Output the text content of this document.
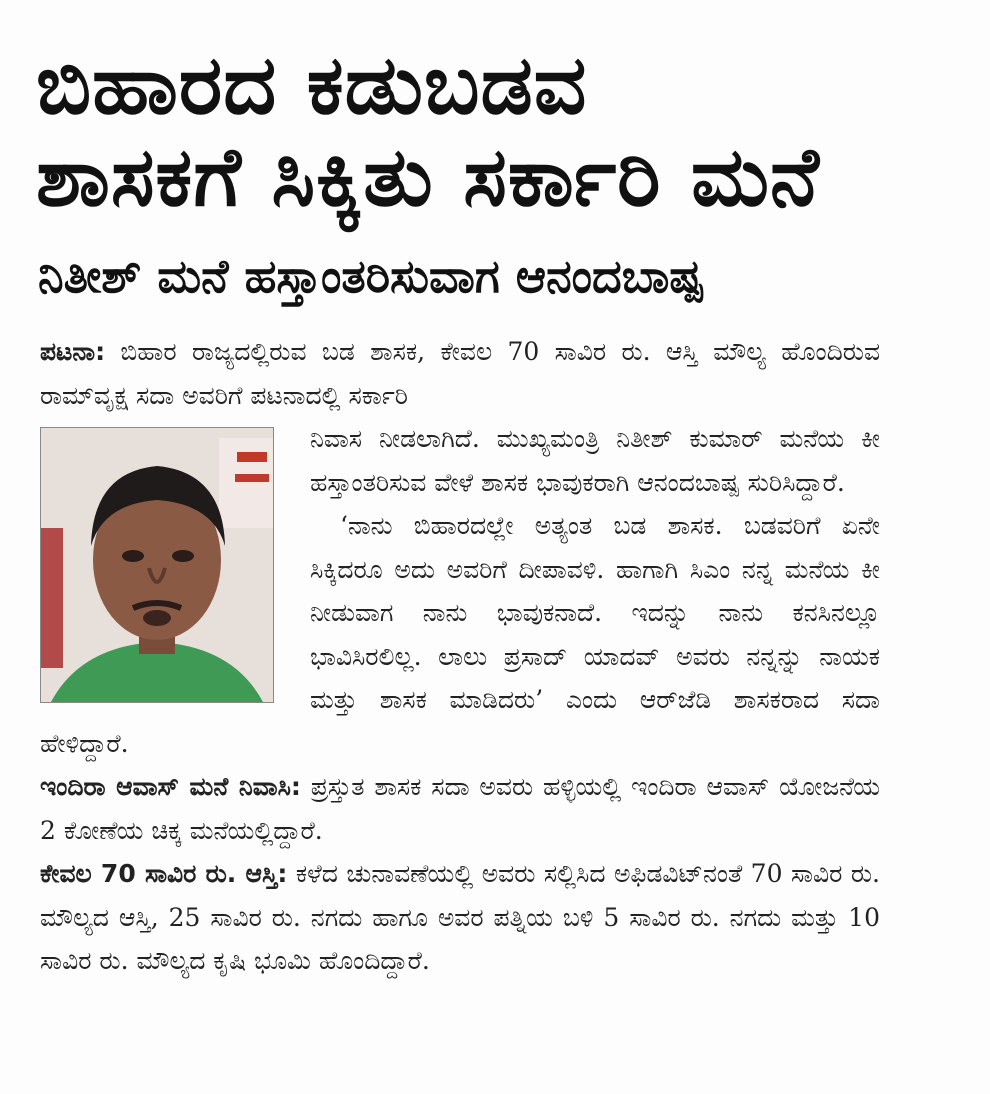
ಬಿಹಾರದ ಕಡುಬಡವ
ಶಾಸಕಗೆ ಸಿಕ್ಕಿತು ಸರ್ಕಾರಿ ಮನೆ
ನಿತೀಶ್ ಮನೆ ಹಸ್ತಾಂತರಿಸುವಾಗ ಆನಂದಬಾಷ್ಪ

ಪಟನಾ: ಬಿಹಾರ ರಾಜ್ಯದಲ್ಲಿರುವ ಬಡ ಶಾಸಕ, ಕೇವಲ 70 ಸಾವಿರ ರು. ಆಸ್ತಿ ಮೌಲ್ಯ ಹೊಂದಿರುವ ರಾಮ್‌ವೃಕ್ಷ ಸದಾ ಅವರಿಗೆ ಪಟನಾದಲ್ಲಿ ಸರ್ಕಾರಿ

ನಿವಾಸ ನೀಡಲಾಗಿದೆ. ಮುಖ್ಯಮಂತ್ರಿ ನಿತೀಶ್ ಕುಮಾರ್ ಮನೆಯ ಕೀ ಹಸ್ತಾಂತರಿಸುವ ವೇಳೆ ಶಾಸಕ ಭಾವುಕರಾಗಿ ಆನಂದಬಾಷ್ಪ ಸುರಿಸಿದ್ದಾರೆ.

‘ನಾನು ಬಿಹಾರದಲ್ಲೇ ಅತ್ಯಂತ ಬಡ ಶಾಸಕ. ಬಡವರಿಗೆ ಏನೇ ಸಿಕ್ಕಿದರೂ ಅದು ಅವರಿಗೆ ದೀಪಾವಳಿ. ಹಾಗಾಗಿ ಸಿಎಂ ನನ್ನ ಮನೆಯ ಕೀ ನೀಡುವಾಗ ನಾನು ಭಾವುಕನಾದೆ. ಇದನ್ನು ನಾನು ಕನಸಿನಲ್ಲೂ ಭಾವಿಸಿರಲಿಲ್ಲ. ಲಾಲು ಪ್ರಸಾದ್ ಯಾದವ್ ಅವರು ನನ್ನನ್ನು ನಾಯಕ ಮತ್ತು ಶಾಸಕ ಮಾಡಿದರು’ ಎಂದು ಆರ್‌ಜೆಡಿ ಶಾಸಕರಾದ ಸದಾ ಹೇಳಿದ್ದಾರೆ.

ಇಂದಿರಾ ಆವಾಸ್ ಮನೆ ನಿವಾಸಿ: ಪ್ರಸ್ತುತ ಶಾಸಕ ಸದಾ ಅವರು ಹಳ್ಳಿಯಲ್ಲಿ ಇಂದಿರಾ ಆವಾಸ್ ಯೋಜನೆಯ 2 ಕೋಣೆಯ ಚಿಕ್ಕ ಮನೆಯಲ್ಲಿದ್ದಾರೆ.

ಕೇವಲ 70 ಸಾವಿರ ರು. ಆಸ್ತಿ: ಕಳೆದ ಚುನಾವಣೆಯಲ್ಲಿ ಅವರು ಸಲ್ಲಿಸಿದ ಅಫಿಡವಿಟ್‌ನಂತೆ 70 ಸಾವಿರ ರು. ಮೌಲ್ಯದ ಆಸ್ತಿ, 25 ಸಾವಿರ ರು. ನಗದು ಹಾಗೂ ಅವರ ಪತ್ನಿಯ ಬಳಿ 5 ಸಾವಿರ ರು. ನಗದು ಮತ್ತು 10 ಸಾವಿರ ರು. ಮೌಲ್ಯದ ಕೃಷಿ ಭೂಮಿ ಹೊಂದಿದ್ದಾರೆ.
